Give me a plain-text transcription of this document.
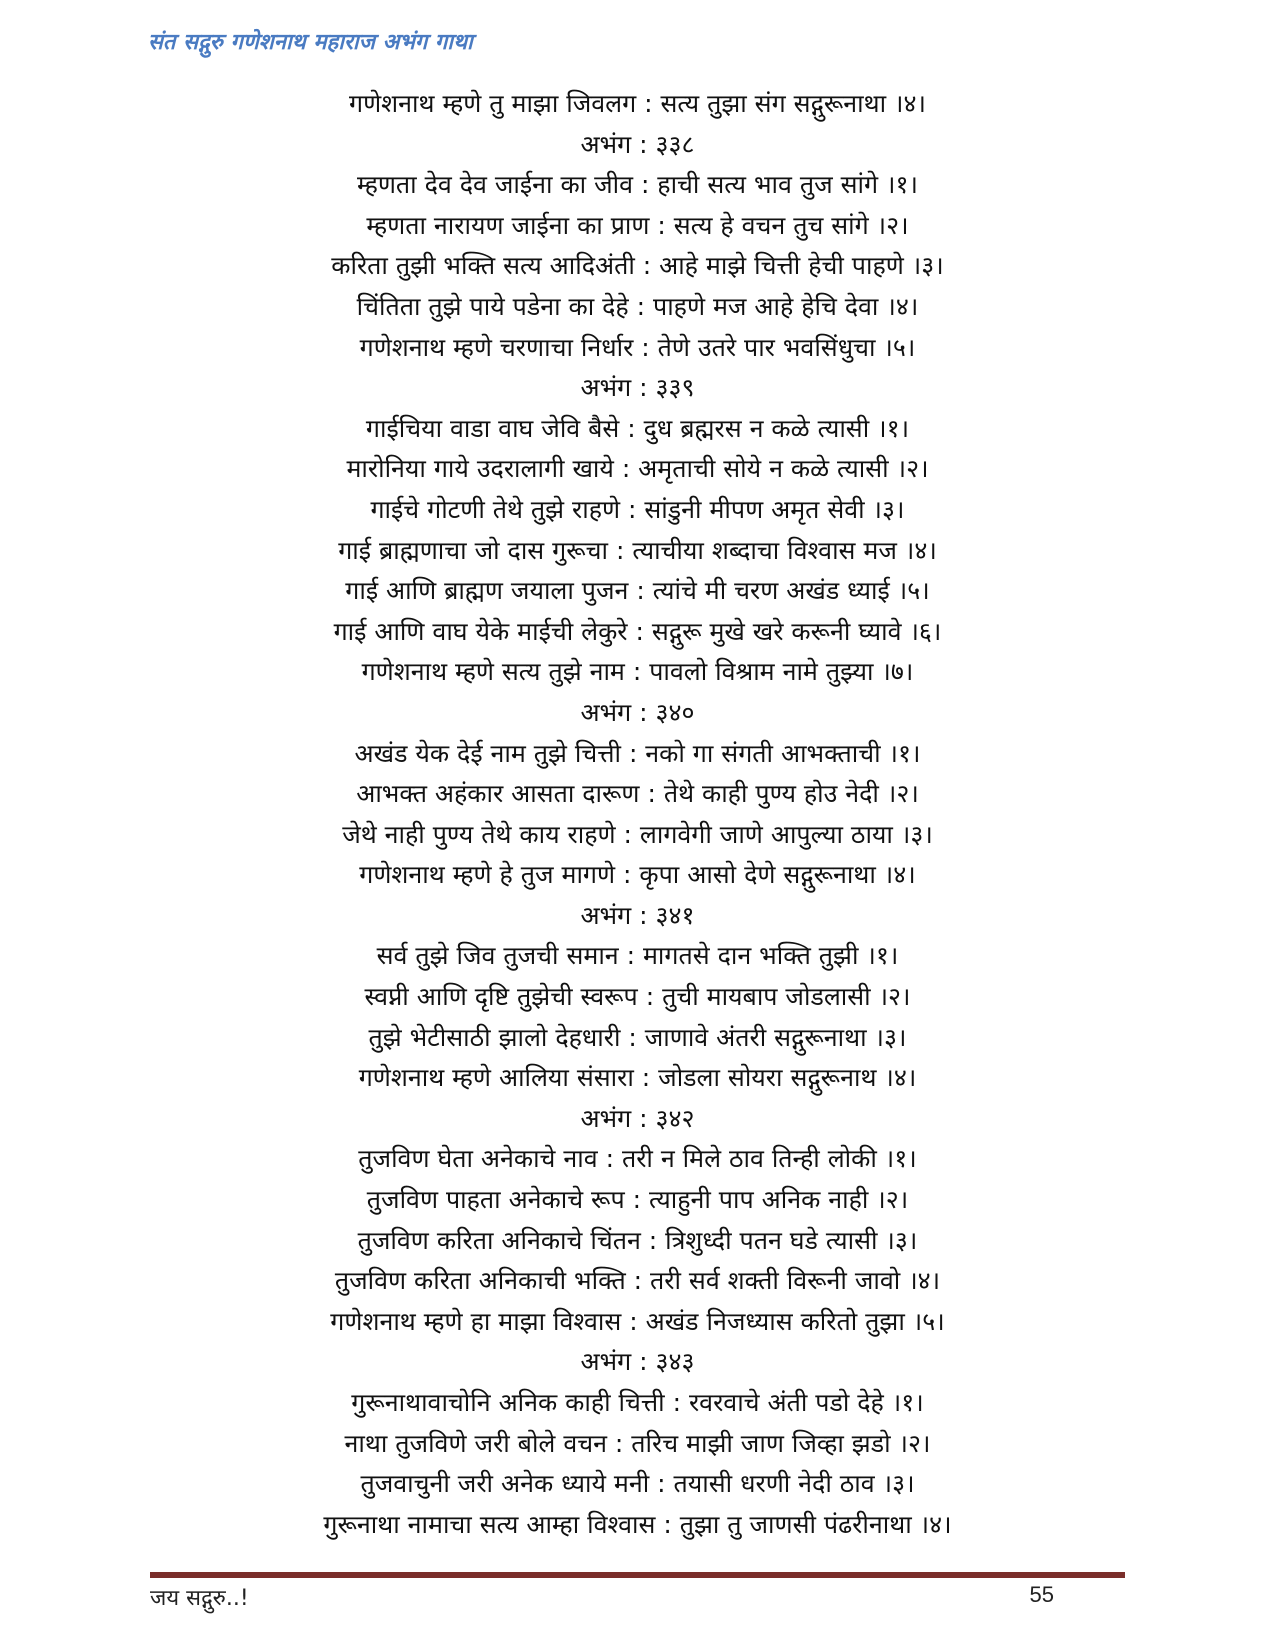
संत सद्गुरु गणेशनाथ महाराज अभंग गाथा
गणेशनाथ म्हणे तु माझा जिवलग : सत्य तुझा संग सद्गुरूनाथा ।४।
अभंग : ३३८
म्हणता देव देव जाईना का जीव : हाची सत्य भाव तुज सांगे ।१।
म्हणता नारायण जाईना का प्राण : सत्य हे वचन तुच सांगे ।२।
करिता तुझी भक्ति सत्य आदिअंती : आहे माझे चित्ती हेची पाहणे ।३।
चिंतिता तुझे पाये पडेना का देहे : पाहणे मज आहे हेचि देवा ।४।
गणेशनाथ म्हणे चरणाचा निर्धार : तेणे उतरे पार भवसिंधुचा ।५।
अभंग : ३३९
गाईचिया वाडा वाघ जेवि बैसे : दुध ब्रह्मरस न कळे त्यासी ।१।
मारोनिया गाये उदरालागी खाये : अमृताची सोये न कळे त्यासी ।२।
गाईचे गोटणी तेथे तुझे राहणे : सांडुनी मीपण अमृत सेवी ।३।
गाई ब्राह्मणाचा जो दास गुरूचा : त्याचीया शब्दाचा विश्वास मज ।४।
गाई आणि ब्राह्मण जयाला पुजन : त्यांचे मी चरण अखंड ध्याई ।५।
गाई आणि वाघ येके माईची लेकुरे : सद्गुरू मुखे खरे करूनी घ्यावे ।६।
गणेशनाथ म्हणे सत्य तुझे नाम : पावलो विश्राम नामे तुझ्या ।७।
अभंग : ३४०
अखंड येक देई नाम तुझे चित्ती : नको गा संगती आभक्ताची ।१।
आभक्त अहंकार आसता दारूण : तेथे काही पुण्य होउ नेदी ।२।
जेथे नाही पुण्य तेथे काय राहणे : लागवेगी जाणे आपुल्या ठाया ।३।
गणेशनाथ म्हणे हे तुज मागणे : कृपा आसो देणे सद्गुरूनाथा ।४।
अभंग : ३४१
सर्व तुझे जिव तुजची समान : मागतसे दान भक्ति तुझी ।१।
स्वप्नी आणि दृष्टि तुझेची स्वरूप : तुची मायबाप जोडलासी ।२।
तुझे भेटीसाठी झालो देहधारी : जाणावे अंतरी सद्गुरूनाथा ।३।
गणेशनाथ म्हणे आलिया संसारा : जोडला सोयरा सद्गुरूनाथ ।४।
अभंग : ३४२
तुजविण घेता अनेकाचे नाव : तरी न मिले ठाव तिन्ही लोकी ।१।
तुजविण पाहता अनेकाचे रूप : त्याहुनी पाप अनिक नाही ।२।
तुजविण करिता अनिकाचे चिंतन : त्रिशुध्दी पतन घडे त्यासी ।३।
तुजविण करिता अनिकाची भक्ति : तरी सर्व शक्ती विरूनी जावो ।४।
गणेशनाथ म्हणे हा माझा विश्वास : अखंड निजध्यास करितो तुझा ।५।
अभंग : ३४३
गुरूनाथावाचोनि अनिक काही चित्ती : रवरवाचे अंती पडो देहे ।१।
नाथा तुजविणे जरी बोले वचन : तरिच माझी जाण जिव्हा झडो ।२।
तुजवाचुनी जरी अनेक ध्याये मनी : तयासी धरणी नेदी ठाव ।३।
गुरूनाथा नामाचा सत्य आम्हा विश्वास : तुझा तु जाणसी पंढरीनाथा ।४।
जय सद्गुरु..!	55
